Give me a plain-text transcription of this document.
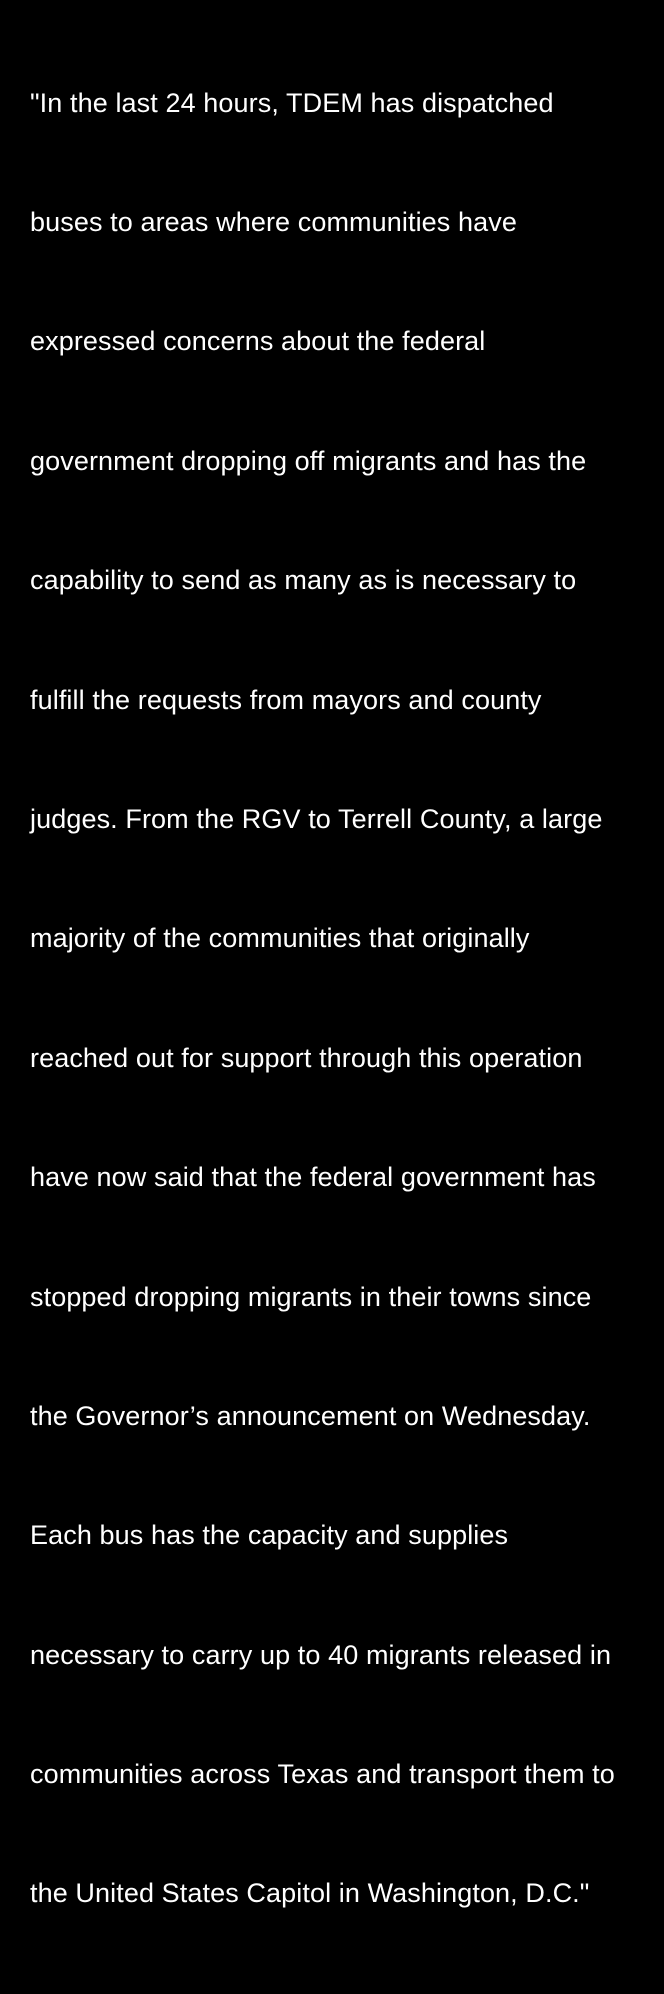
"In the last 24 hours, TDEM has dispatched

buses to areas where communities have

expressed concerns about the federal

government dropping off migrants and has the

capability to send as many as is necessary to

fulfill the requests from mayors and county

judges. From the RGV to Terrell County, a large

majority of the communities that originally

reached out for support through this operation

have now said that the federal government has

stopped dropping migrants in their towns since

the Governor’s announcement on Wednesday.

Each bus has the capacity and supplies

necessary to carry up to 40 migrants released in

communities across Texas and transport them to

the United States Capitol in Washington, D.C."
